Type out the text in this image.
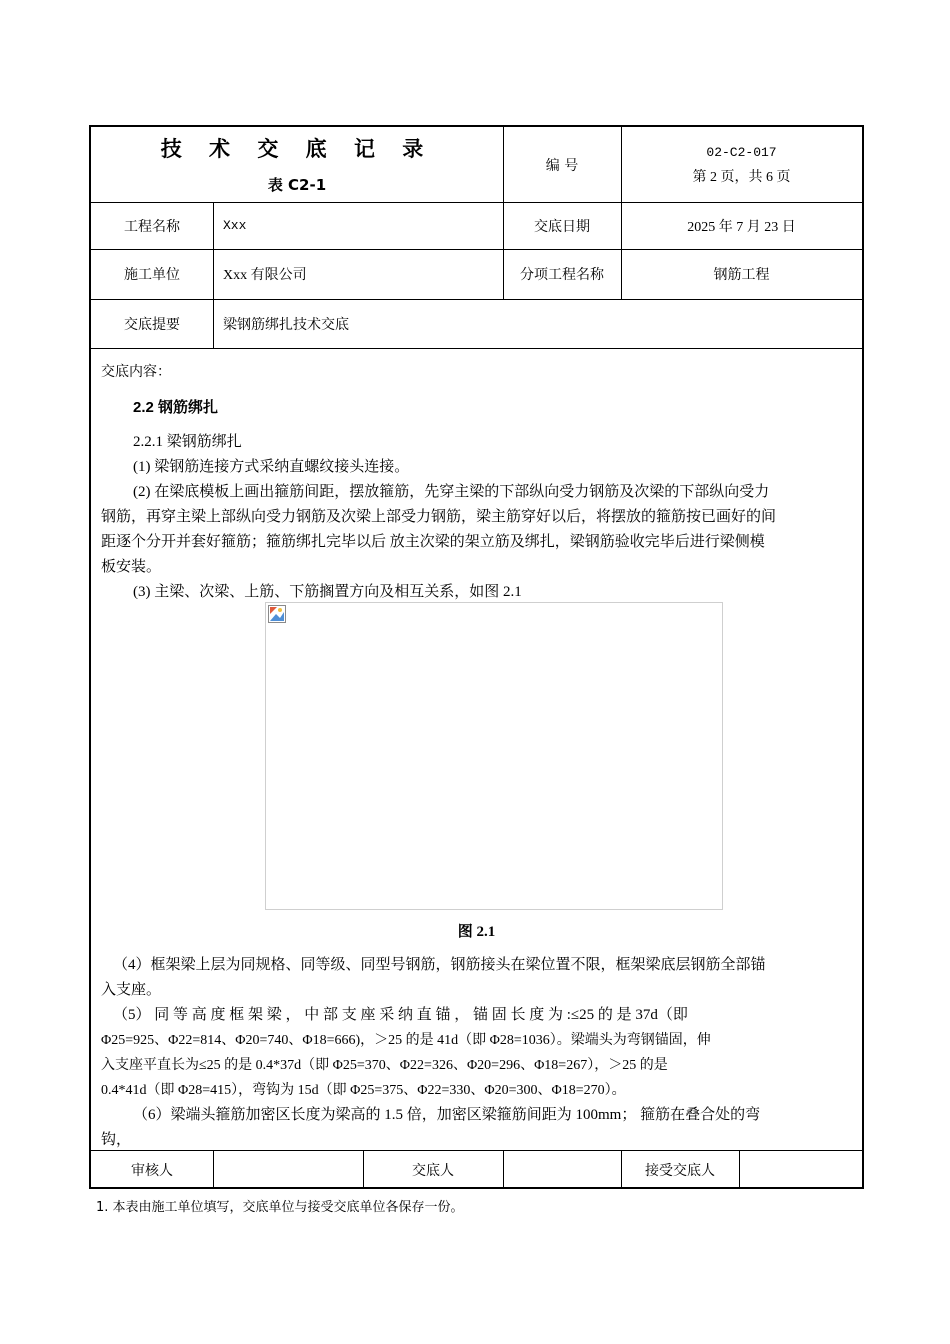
技 术 交 底 记 录
表 C2-1
编 号
02-C2-017
第 2 页，共 6 页
工程名称	Xxx	交底日期	2025 年 7 月 23 日
施工单位	Xxx 有限公司	分项工程名称	钢筋工程
交底提要	梁钢筋绑扎技术交底
交底内容：
2.2 钢筋绑扎
2.2.1 梁钢筋绑扎
(1) 梁钢筋连接方式采纳直螺纹接头连接。
(2) 在梁底模板上画出箍筋间距，摆放箍筋，先穿主梁的下部纵向受力钢筋及次梁的下部纵向受力
钢筋，再穿主梁上部纵向受力钢筋及次梁上部受力钢筋，梁主筋穿好以后，将摆放的箍筋按已画好的间
距逐个分开并套好箍筋；箍筋绑扎完毕以后 放主次梁的架立筋及绑扎，梁钢筋验收完毕后进行梁侧模
板安装。
(3) 主梁、次梁、上筋、下筋搁置方向及相互关系，如图 2.1
图 2.1
（4）框架梁上层为同规格、同等级、同型号钢筋，钢筋接头在梁位置不限，框架梁底层钢筋全部锚
入支座。
（5） 同 等 高 度 框 架 梁 ， 中 部 支 座 采 纳 直 锚 ， 锚 固 长 度 为 :≤25 的 是 37d（即
Φ25=925、Φ22=814、Φ20=740、Φ18=666)，＞25 的是 41d（即 Φ28=1036）。梁端头为弯钢锚固，伸
入支座平直长为≤25 的是 0.4*37d（即 Φ25=370、Φ22=326、Φ20=296、Φ18=267），＞25 的是
0.4*41d（即 Φ28=415），弯钩为 15d（即 Φ25=375、Φ22=330、Φ20=300、Φ18=270）。
（6）梁端头箍筋加密区长度为梁高的 1.5 倍，加密区梁箍筋间距为 100mm； 箍筋在叠合处的弯
钩，
审核人	交底人	接受交底人
1. 本表由施工单位填写，交底单位与接受交底单位各保存一份。
